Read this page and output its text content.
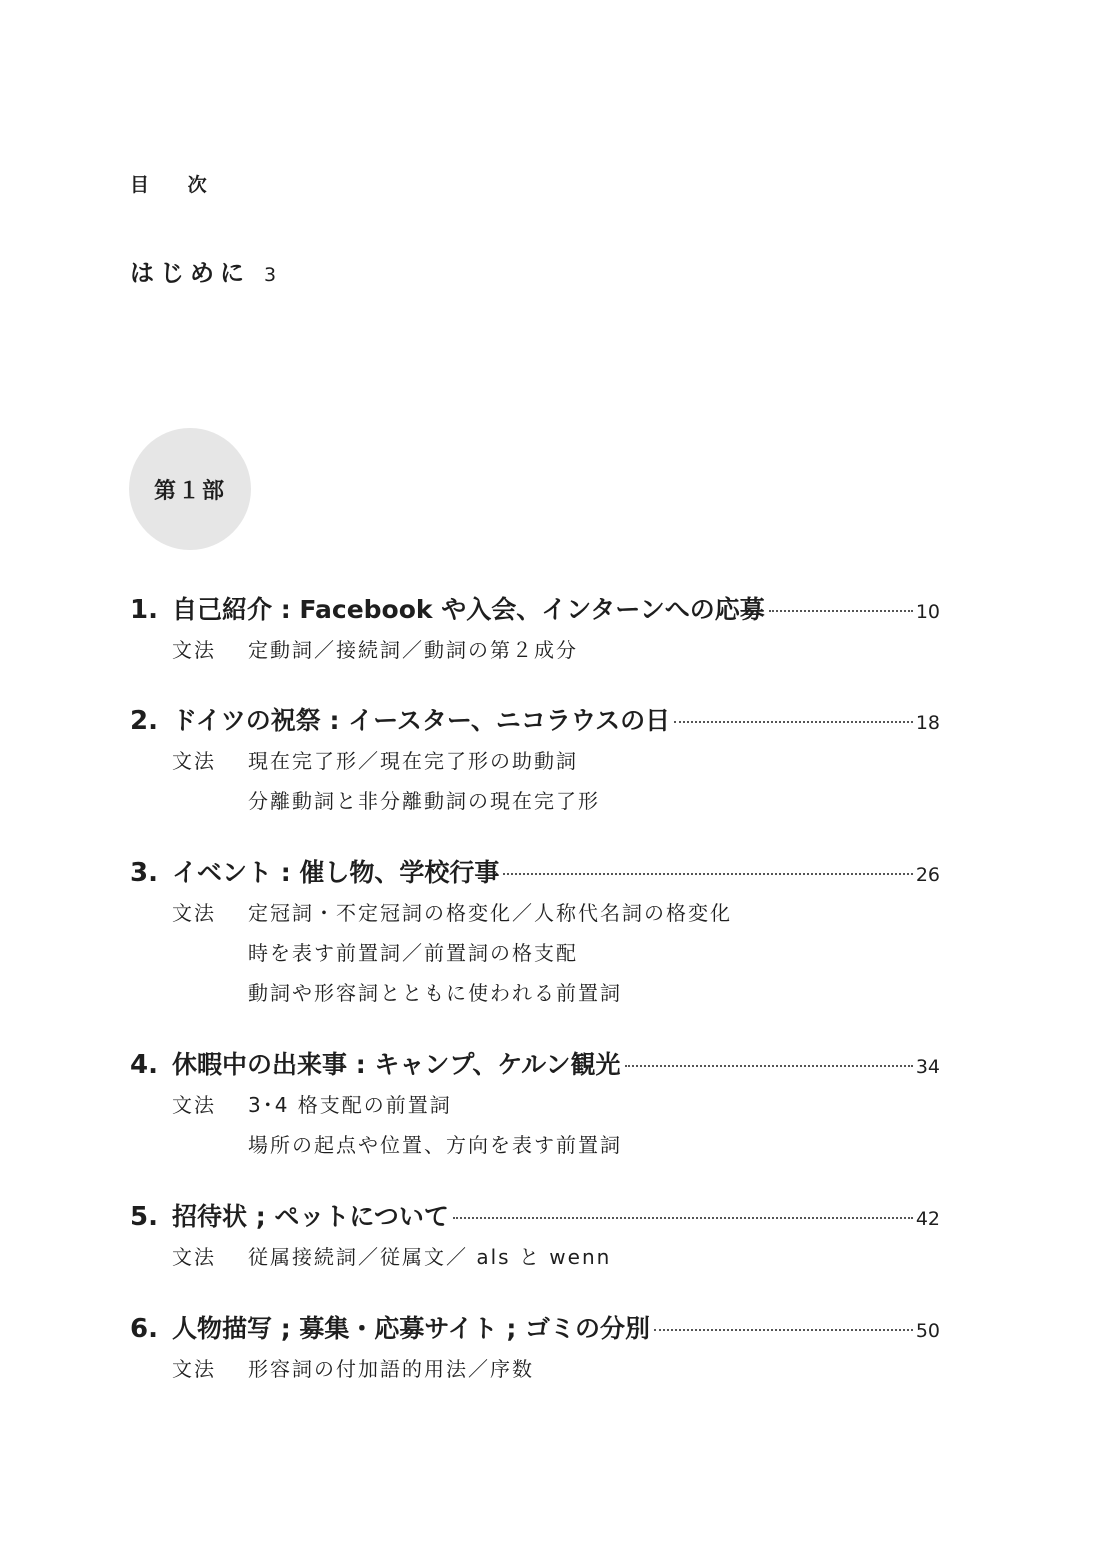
目 次
はじめに 3
第１部
1. 自己紹介 : Facebook や入会、インターンへの応募	10
文法	定動詞／接続詞／動詞の第２成分
2. ドイツの祝祭 : イースター、ニコラウスの日	18
文法	現在完了形／現在完了形の助動詞
分離動詞と非分離動詞の現在完了形
3. イベント : 催し物、学校行事	26
文法	定冠詞・不定冠詞の格変化／人称代名詞の格変化
時を表す前置詞／前置詞の格支配
動詞や形容詞とともに使われる前置詞
4. 休暇中の出来事 : キャンプ、ケルン観光	34
文法	3･4 格支配の前置詞
場所の起点や位置、方向を表す前置詞
5. 招待状 ; ペットについて	42
文法	従属接続詞／従属文／ als と wenn
6. 人物描写 ; 募集・応募サイト ; ゴミの分別	50
文法	形容詞の付加語的用法／序数
